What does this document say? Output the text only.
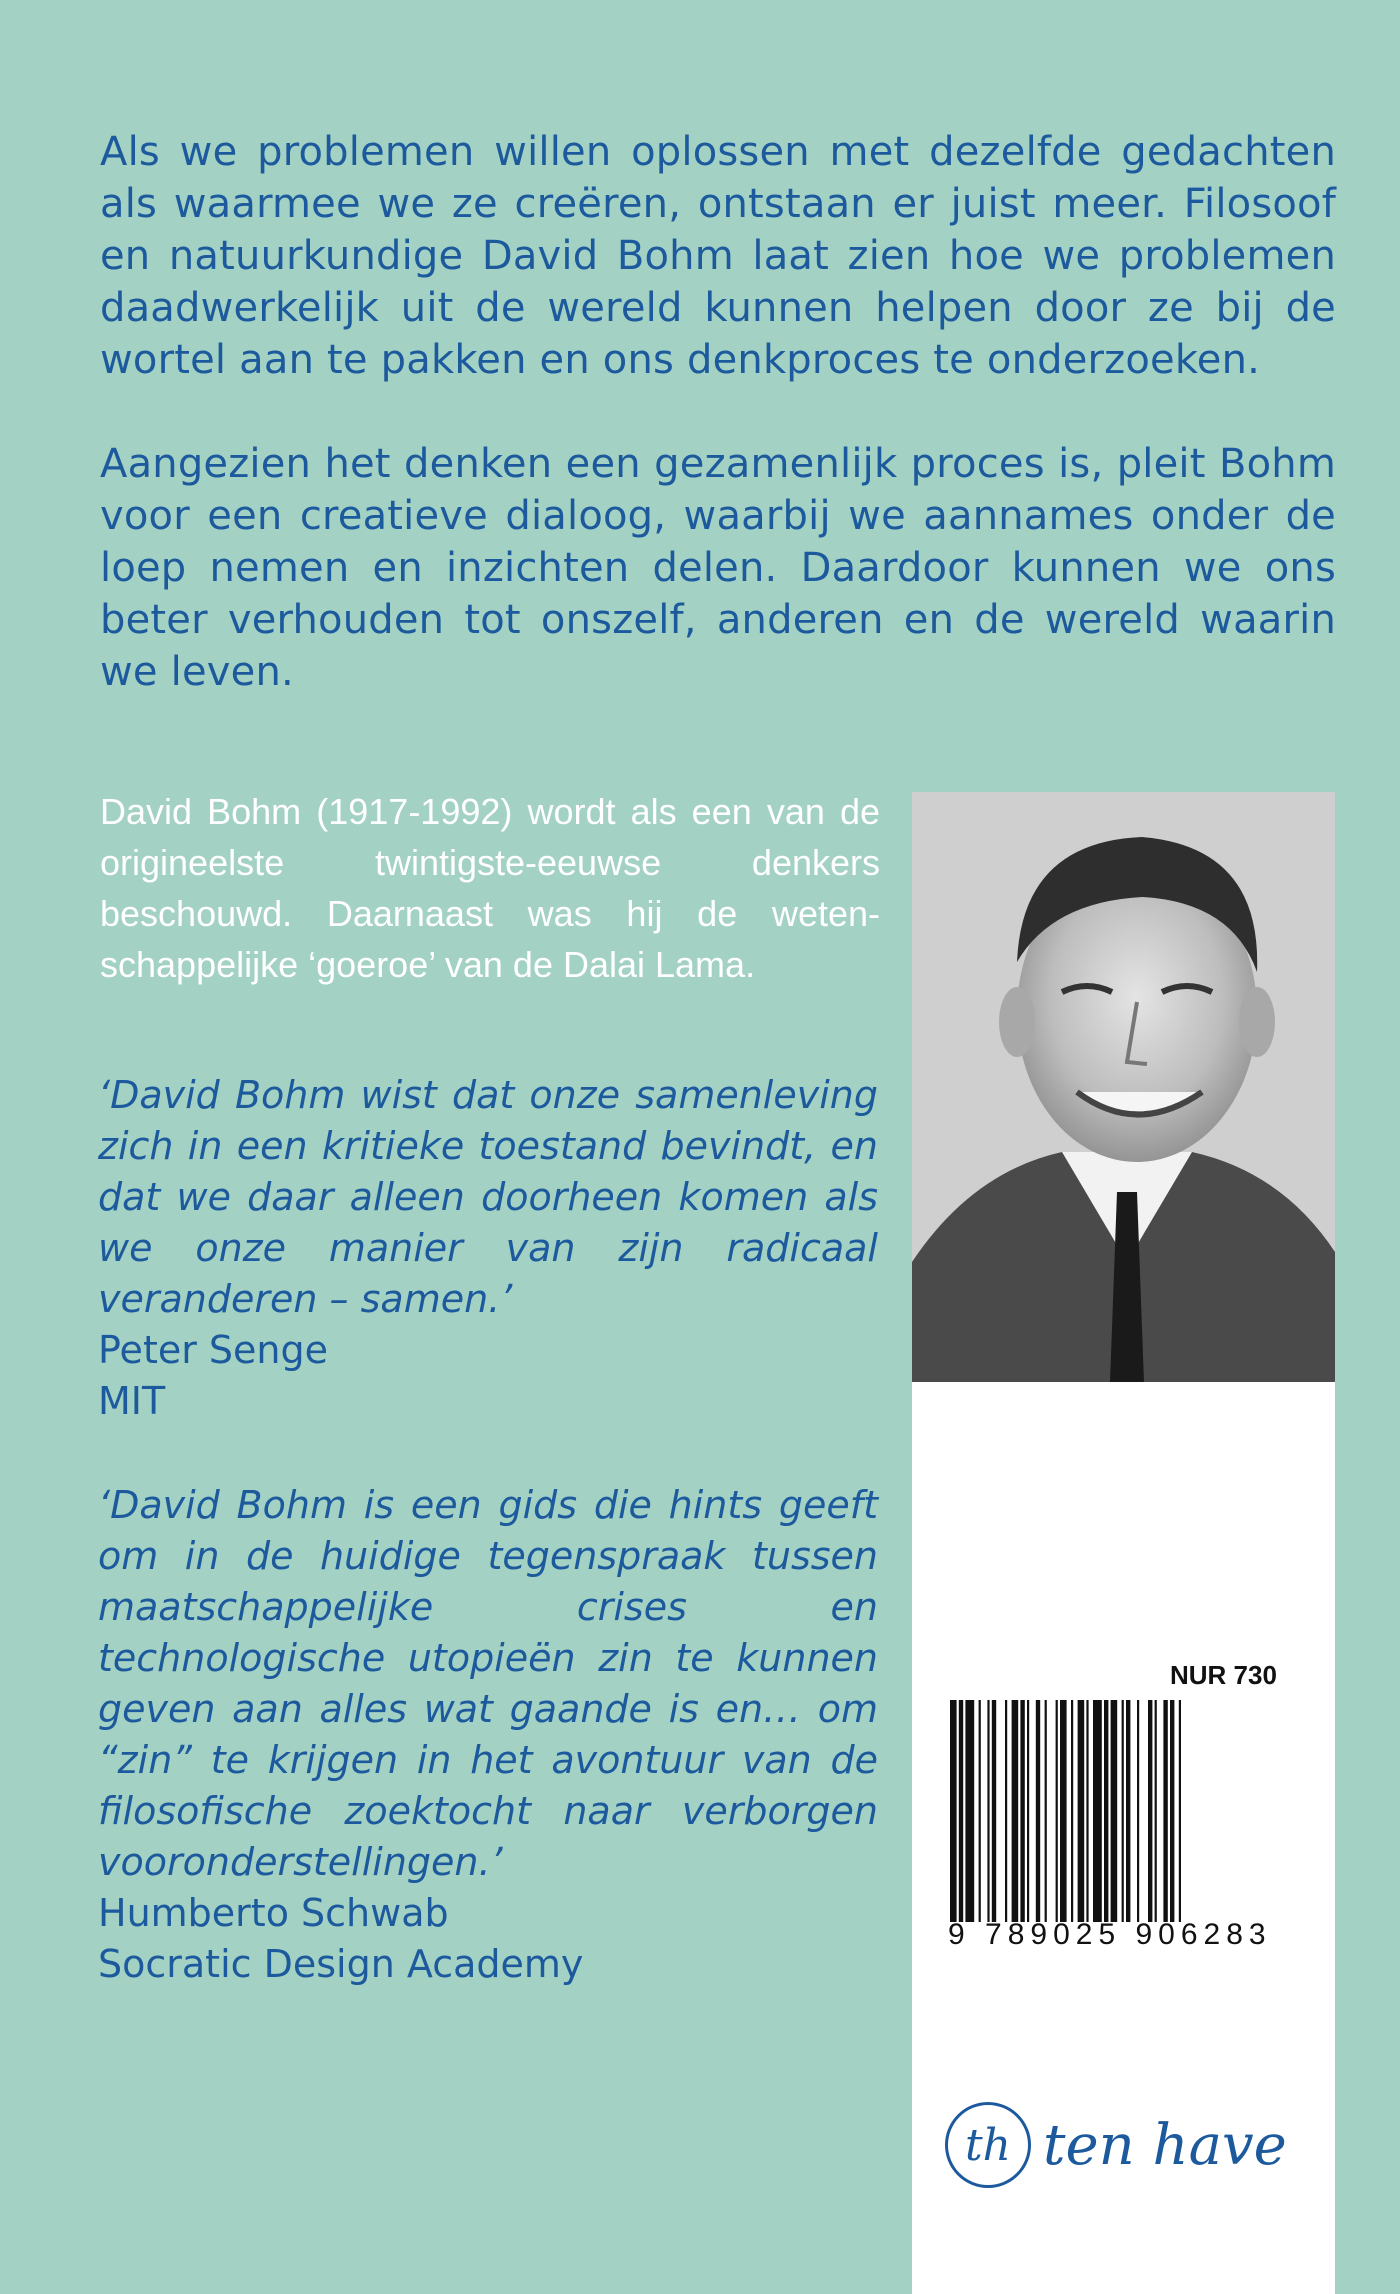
Als we problemen willen oplossen met dezelfde gedachten als waarmee we ze creëren, ontstaan er juist meer. Filosoof en natuurkundige David Bohm laat zien hoe we problemen daadwerkelijk uit de wereld kunnen helpen door ze bij de wortel aan te pakken en ons denkproces te onderzoeken.

Aangezien het denken een gezamenlijk proces is, pleit Bohm voor een creatieve dialoog, waarbij we aannames onder de loep nemen en inzichten delen. Daardoor kunnen we ons beter verhouden tot onszelf, anderen en de wereld waarin we leven.

David Bohm (1917-1992) wordt als een van de origineelste twintigste-eeuwse denkers beschouwd. Daarnaast was hij de weten-schappelijke ‘goeroe’ van de Dalai Lama.

‘David Bohm wist dat onze samenleving zich in een kritieke toestand bevindt, en dat we daar alleen doorheen komen als we onze manier van zijn radicaal veranderen – samen.’
Peter Senge
MIT
‘David Bohm is een gids die hints geeft om in de huidige tegenspraak tussen maatschappelijke crises en technologische utopieën zin te kunnen geven aan alles wat gaande is en… om “zin” te krijgen in het avontuur van de filosofische zoektocht naar verborgen vooronderstellingen.’
Humberto Schwab
Socratic Design Academy
NUR 730
9 789025 906283
th ten have
